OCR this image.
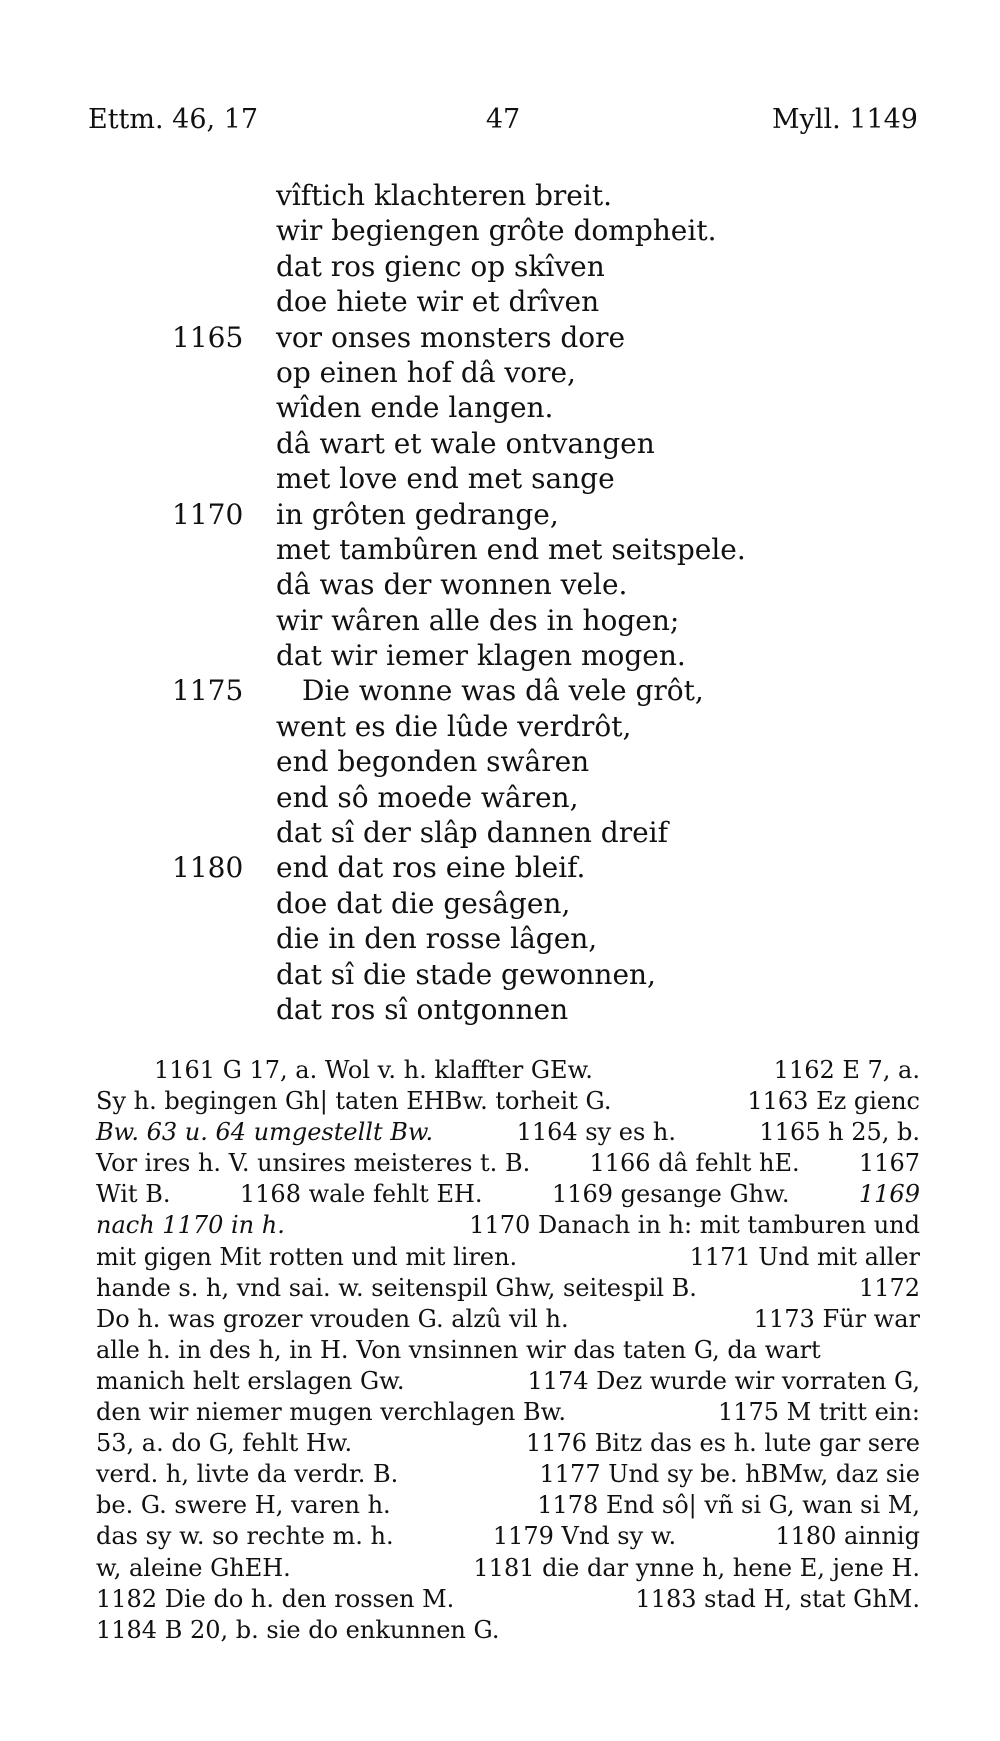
47
Ettm. 46, 17	Myll. 1149
vîftich klachteren breit.
wir begiengen grôte dompheit.
dat ros gienc op skîven
doe hiete wir et drîven
1165	vor onses monsters dore
op einen hof dâ vore,
wîden ende langen.
dâ wart et wale ontvangen
met love end met sange
1170	in grôten gedrange,
met tambûren end met seitspele.
dâ was der wonnen vele.
wir wâren alle des in hogen;
dat wir iemer klagen mogen.
1175	Die wonne was dâ vele grôt,
went es die lûde verdrôt,
end begonden swâren
end sô moede wâren,
dat sî der slâp dannen dreif
1180	end dat ros eine bleif.
doe dat die gesâgen,
die in den rosse lâgen,
dat sî die stade gewonnen,
dat ros sî ontgonnen
1161 G 17, a. Wol v. h. klaffter GEw.	1162 E 7, a.
Sy h. begingen Gh| taten EHBw. torheit G.	1163 Ez gienc
Bw. 63 u. 64 umgestellt Bw.	1164 sy es h.	1165 h 25, b.
Vor ires h. V. unsires meisteres t. B. 1166 dâ fehlt hE. 1167
Wit B.	1168 wale fehlt EH.	1169 gesange Ghw.	1169
nach 1170 in h.	1170 Danach in h: mit tamburen und
mit gigen Mit rotten und mit liren.	1171 Und mit aller
hande s. h, vnd sai. w. seitenspil Ghw, seitespil B.	1172
Do h. was grozer vrouden G. alzû vil h.	1173 Für war
alle h. in des h, in H. Von vnsinnen wir das taten G, da wart
manich helt erslagen Gw.	1174 Dez wurde wir vorraten G,
den wir niemer mugen verchlagen Bw.	1175 M tritt ein:
53, a. do G, fehlt Hw.	1176 Bitz das es h. lute gar sere
verd. h, livte da verdr. B.	1177 Und sy be. hBMw, daz sie
be. G. swere H, varen h.	1178 End sô| vñ si G, wan si M,
das sy w. so rechte m. h.	1179 Vnd sy w.	1180 ainnig
w, aleine GhEH.	1181 die dar ynne h, hene E, jene H.
1182 Die do h. den rossen M.	1183 stad H, stat GhM.
1184 B 20, b. sie do enkunnen G.
